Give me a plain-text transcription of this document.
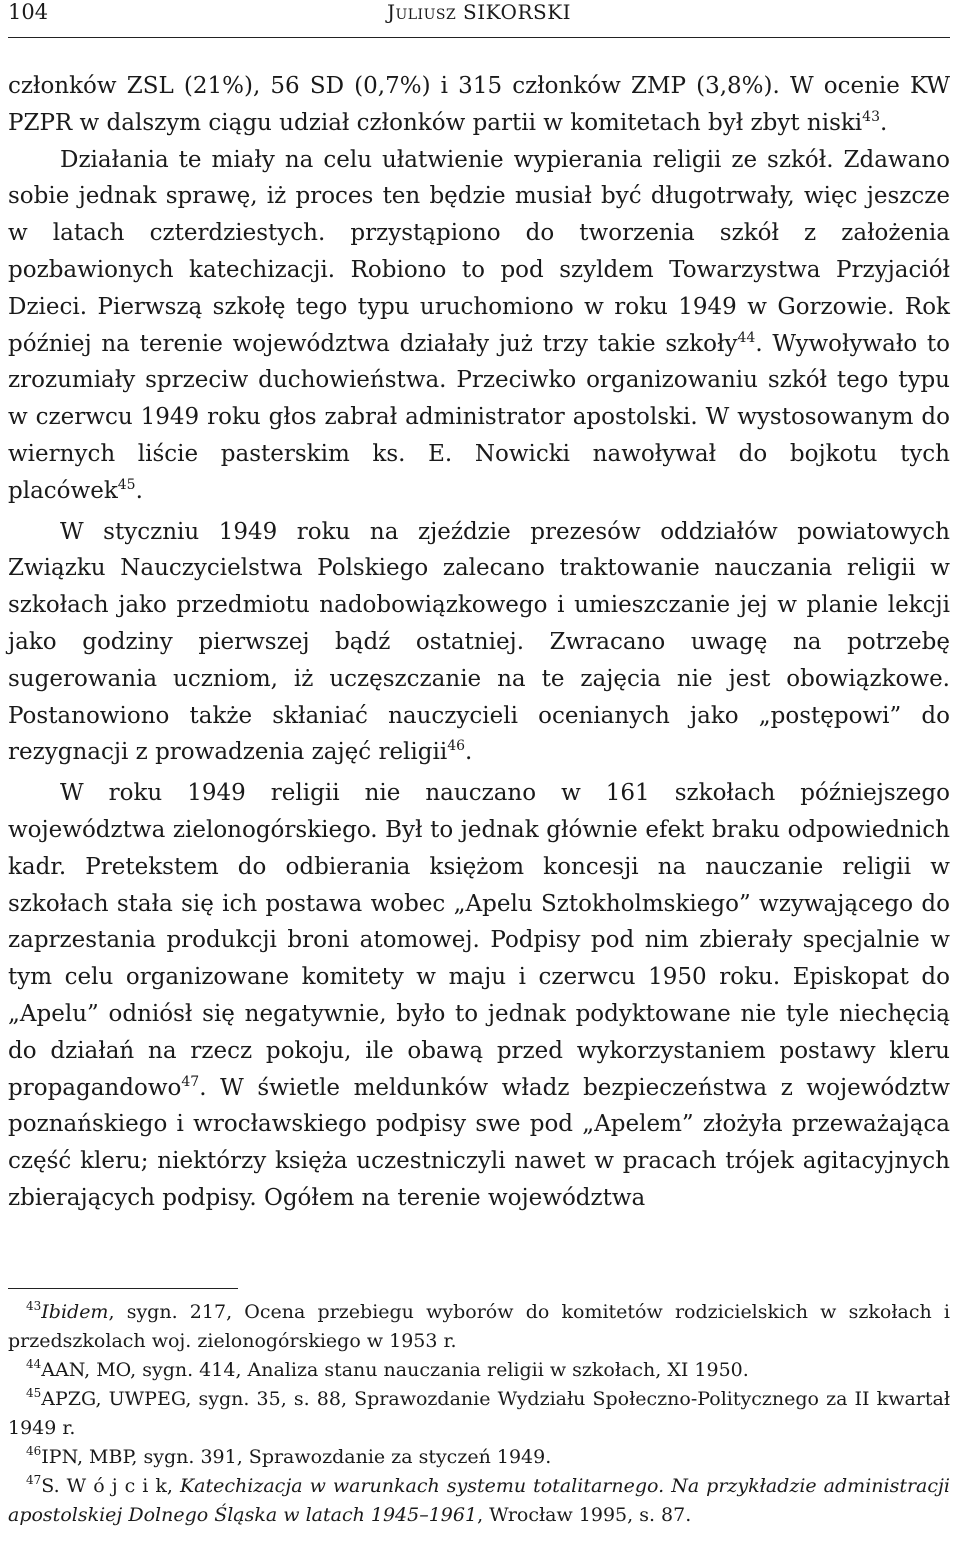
104	Juliusz SIKORSKI

członków ZSL (21%), 56 SD (0,7%) i 315 członków ZMP (3,8%). W ocenie KW PZPR w dalszym ciągu udział członków partii w komitetach był zbyt niski$^{43}$.

Działania te miały na celu ułatwienie wypierania religii ze szkół. Zdawano sobie jednak sprawę, iż proces ten będzie musiał być długotrwały, więc jeszcze w latach czterdziestych. przystąpiono do tworzenia szkół z założenia pozbawionych katechizacji. Robiono to pod szyldem Towarzystwa Przyjaciół Dzieci. Pierwszą szkołę tego typu uruchomiono w roku 1949 w Gorzowie. Rok później na terenie województwa działały już trzy takie szkoły$^{44}$. Wywoływało to zrozumiały sprzeciw duchowieństwa. Przeciwko organizowaniu szkół tego typu w czerwcu 1949 roku głos zabrał administrator apostolski. W wystosowanym do wiernych liście pasterskim ks. E. Nowicki nawoływał do bojkotu tych placówek$^{45}$.

W styczniu 1949 roku na zjeździe prezesów oddziałów powiatowych Związku Nauczycielstwa Polskiego zalecano traktowanie nauczania religii w szkołach jako przedmiotu nadobowiązkowego i umieszczanie jej w planie lekcji jako godziny pierwszej bądź ostatniej. Zwracano uwagę na potrzebę sugerowania uczniom, iż uczęszczanie na te zajęcia nie jest obowiązkowe. Postanowiono także skłaniać nauczycieli ocenianych jako „postępowi” do rezygnacji z prowadzenia zajęć religii$^{46}$.

W roku 1949 religii nie nauczano w 161 szkołach późniejszego województwa zielonogórskiego. Był to jednak głównie efekt braku odpowiednich kadr. Pretekstem do odbierania księżom koncesji na nauczanie religii w szkołach stała się ich postawa wobec „Apelu Sztokholmskiego” wzywającego do zaprzestania produkcji broni atomowej. Podpisy pod nim zbierały specjalnie w tym celu organizowane komitety w maju i czerwcu 1950 roku. Episkopat do „Apelu” odniósł się negatywnie, było to jednak podyktowane nie tyle niechęcią do działań na rzecz pokoju, ile obawą przed wykorzystaniem postawy kleru propagandowo$^{47}$. W świetle meldunków władz bezpieczeństwa z województw poznańskiego i wrocławskiego podpisy swe pod „Apelem” złożyła przeważająca część kleru; niektórzy księża uczestniczyli nawet w pracach trójek agitacyjnych zbierających podpisy. Ogółem na terenie województwa

$^{43}$Ibidem, sygn. 217, Ocena przebiegu wyborów do komitetów rodzicielskich w szkołach i przedszkolach woj. zielonogórskiego w 1953 r.

$^{44}$AAN, MO, sygn. 414, Analiza stanu nauczania religii w szkołach, XI 1950.

$^{45}$APZG, UWPEG, sygn. 35, s. 88, Sprawozdanie Wydziału Społeczno-Politycznego za II kwartał 1949 r.

$^{46}$IPN, MBP, sygn. 391, Sprawozdanie za styczeń 1949.

$^{47}$S. W ó j c i k, Katechizacja w warunkach systemu totalitarnego. Na przykładzie administracji apostolskiej Dolnego Śląska w latach 1945–1961, Wrocław 1995, s. 87.
